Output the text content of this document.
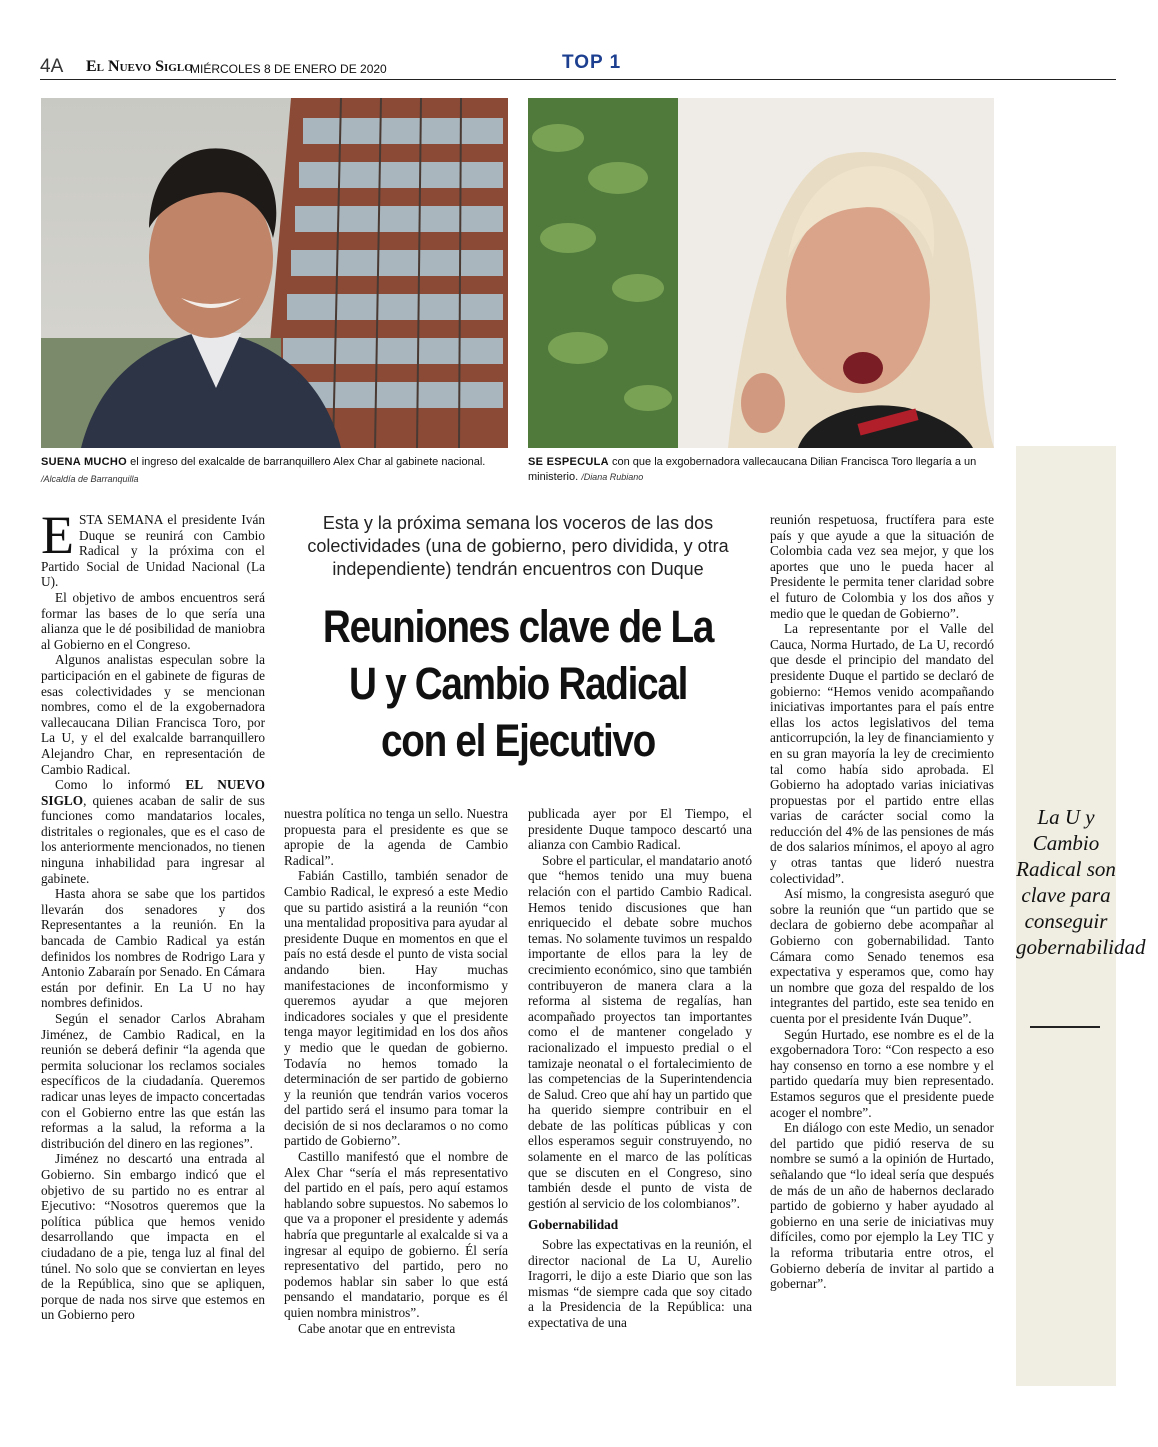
4A El Nuevo Siglo
MIÉRCOLES 8 DE ENERO DE 2020	TOP 1
SUENA MUCHO el ingreso del exalcalde de barranquillero Alex Char al gabinete nacional.
/Alcaldía de Barranquilla
SE ESPECULA con que la exgobernadora vallecaucana Dilian Francisca Toro llegaría a un ministerio. /Diana Rubiano
La U y Cambio Radical son clave para conseguir gobernabilidad
Esta y la próxima semana los voceros de las dos colectividades (una de gobierno, pero dividida, y otra independiente) tendrán encuentros con Duque
Reuniones clave de La U y Cambio Radical con el Ejecutivo

ESTA SEMANA el presidente Iván Duque se reunirá con Cambio Radical y la próxima con el Partido Social de Unidad Nacional (La U).

El objetivo de ambos encuentros será formar las bases de lo que sería una alianza que le dé posibilidad de maniobra al Gobierno en el Congreso.

Algunos analistas especulan sobre la participación en el gabinete de figuras de esas colectividades y se mencionan nombres, como el de la exgobernadora vallecaucana Dilian Francisca Toro, por La U, y el del exalcalde barranquillero Alejandro Char, en representación de Cambio Radical.

Como lo informó EL NUEVO SIGLO, quienes acaban de salir de sus funciones como mandatarios locales, distritales o regionales, que es el caso de los anteriormente mencionados, no tienen ninguna inhabilidad para ingresar al gabinete.

Hasta ahora se sabe que los partidos llevarán dos senadores y dos Representantes a la reunión. En la bancada de Cambio Radical ya están definidos los nombres de Rodrigo Lara y Antonio Zabaraín por Senado. En Cámara están por definir. En La U no hay nombres definidos.

Según el senador Carlos Abraham Jiménez, de Cambio Radical, en la reunión se deberá definir “la agenda que permita solucionar los reclamos sociales específicos de la ciudadanía. Queremos radicar unas leyes de impacto concertadas con el Gobierno entre las que están las reformas a la salud, la reforma a la distribución del dinero en las regiones”.

Jiménez no descartó una entrada al Gobierno. Sin embargo indicó que el objetivo de su partido no es entrar al Ejecutivo: “Nosotros queremos que la política pública que hemos venido desarrollando que impacta en el ciudadano de a pie, tenga luz al final del túnel. No solo que se conviertan en leyes de la República, sino que se apliquen, porque de nada nos sirve que estemos en un Gobierno pero

nuestra política no tenga un sello. Nuestra propuesta para el presidente es que se apropie de la agenda de Cambio Radical”.

Fabián Castillo, también senador de Cambio Radical, le expresó a este Medio que su partido asistirá a la reunión “con una mentalidad propositiva para ayudar al presidente Duque en momentos en que el país no está desde el punto de vista social andando bien. Hay muchas manifestaciones de inconformismo y queremos ayudar a que mejoren indicadores sociales y que el presidente tenga mayor legitimidad en los dos años y medio que le quedan de gobierno. Todavía no hemos tomado la determinación de ser partido de gobierno y la reunión que tendrán varios voceros del partido será el insumo para tomar la decisión de si nos declaramos o no como partido de Gobierno”.

Castillo manifestó que el nombre de Alex Char “sería el más representativo del partido en el país, pero aquí estamos hablando sobre supuestos. No sabemos lo que va a proponer el presidente y además habría que preguntarle al exalcalde si va a ingresar al equipo de gobierno. Él sería representativo del partido, pero no podemos hablar sin saber lo que está pensando el mandatario, porque es él quien nombra ministros”.

Cabe anotar que en entrevista

publicada ayer por El Tiempo, el presidente Duque tampoco descartó una alianza con Cambio Radical.

Sobre el particular, el mandatario anotó que “hemos tenido una muy buena relación con el partido Cambio Radical. Hemos tenido discusiones que han enriquecido el debate sobre muchos temas. No solamente tuvimos un respaldo importante de ellos para la ley de crecimiento económico, sino que también contribuyeron de manera clara a la reforma al sistema de regalías, han acompañado proyectos tan importantes como el de mantener congelado y racionalizado el impuesto predial o el tamizaje neonatal o el fortalecimiento de las competencias de la Superintendencia de Salud. Creo que ahí hay un partido que ha querido siempre contribuir en el debate de las políticas públicas y con ellos esperamos seguir construyendo, no solamente en el marco de las políticas que se discuten en el Congreso, sino también desde el punto de vista de gestión al servicio de los colombianos”.

Gobernabilidad

Sobre las expectativas en la reunión, el director nacional de La U, Aurelio Iragorri, le dijo a este Diario que son las mismas “de siempre cada que soy citado a la Presidencia de la República: una expectativa de una

reunión respetuosa, fructífera para este país y que ayude a que la situación de Colombia cada vez sea mejor, y que los aportes que uno le pueda hacer al Presidente le permita tener claridad sobre el futuro de Colombia y los dos años y medio que le quedan de Gobierno”.

La representante por el Valle del Cauca, Norma Hurtado, de La U, recordó que desde el principio del mandato del presidente Duque el partido se declaró de gobierno: “Hemos venido acompañando iniciativas importantes para el país entre ellas los actos legislativos del tema anticorrupción, la ley de financiamiento y en su gran mayoría la ley de crecimiento tal como había sido aprobada. El Gobierno ha adoptado varias iniciativas propuestas por el partido entre ellas varias de carácter social como la reducción del 4% de las pensiones de más de dos salarios mínimos, el apoyo al agro y otras tantas que lideró nuestra colectividad”.

Así mismo, la congresista aseguró que sobre la reunión que “un partido que se declara de gobierno debe acompañar al Gobierno con gobernabilidad. Tanto Cámara como Senado tenemos esa expectativa y esperamos que, como hay un nombre que goza del respaldo de los integrantes del partido, este sea tenido en cuenta por el presidente Iván Duque”.

Según Hurtado, ese nombre es el de la exgobernadora Toro: “Con respecto a eso hay consenso en torno a ese nombre y el partido quedaría muy bien representado. Estamos seguros que el presidente puede acoger el nombre”.

En diálogo con este Medio, un senador del partido que pidió reserva de su nombre se sumó a la opinión de Hurtado, señalando que “lo ideal sería que después de más de un año de habernos declarado partido de gobierno y haber ayudado al gobierno en una serie de iniciativas muy difíciles, como por ejemplo la Ley TIC y la reforma tributaria entre otros, el Gobierno debería de invitar al partido a gobernar”.
